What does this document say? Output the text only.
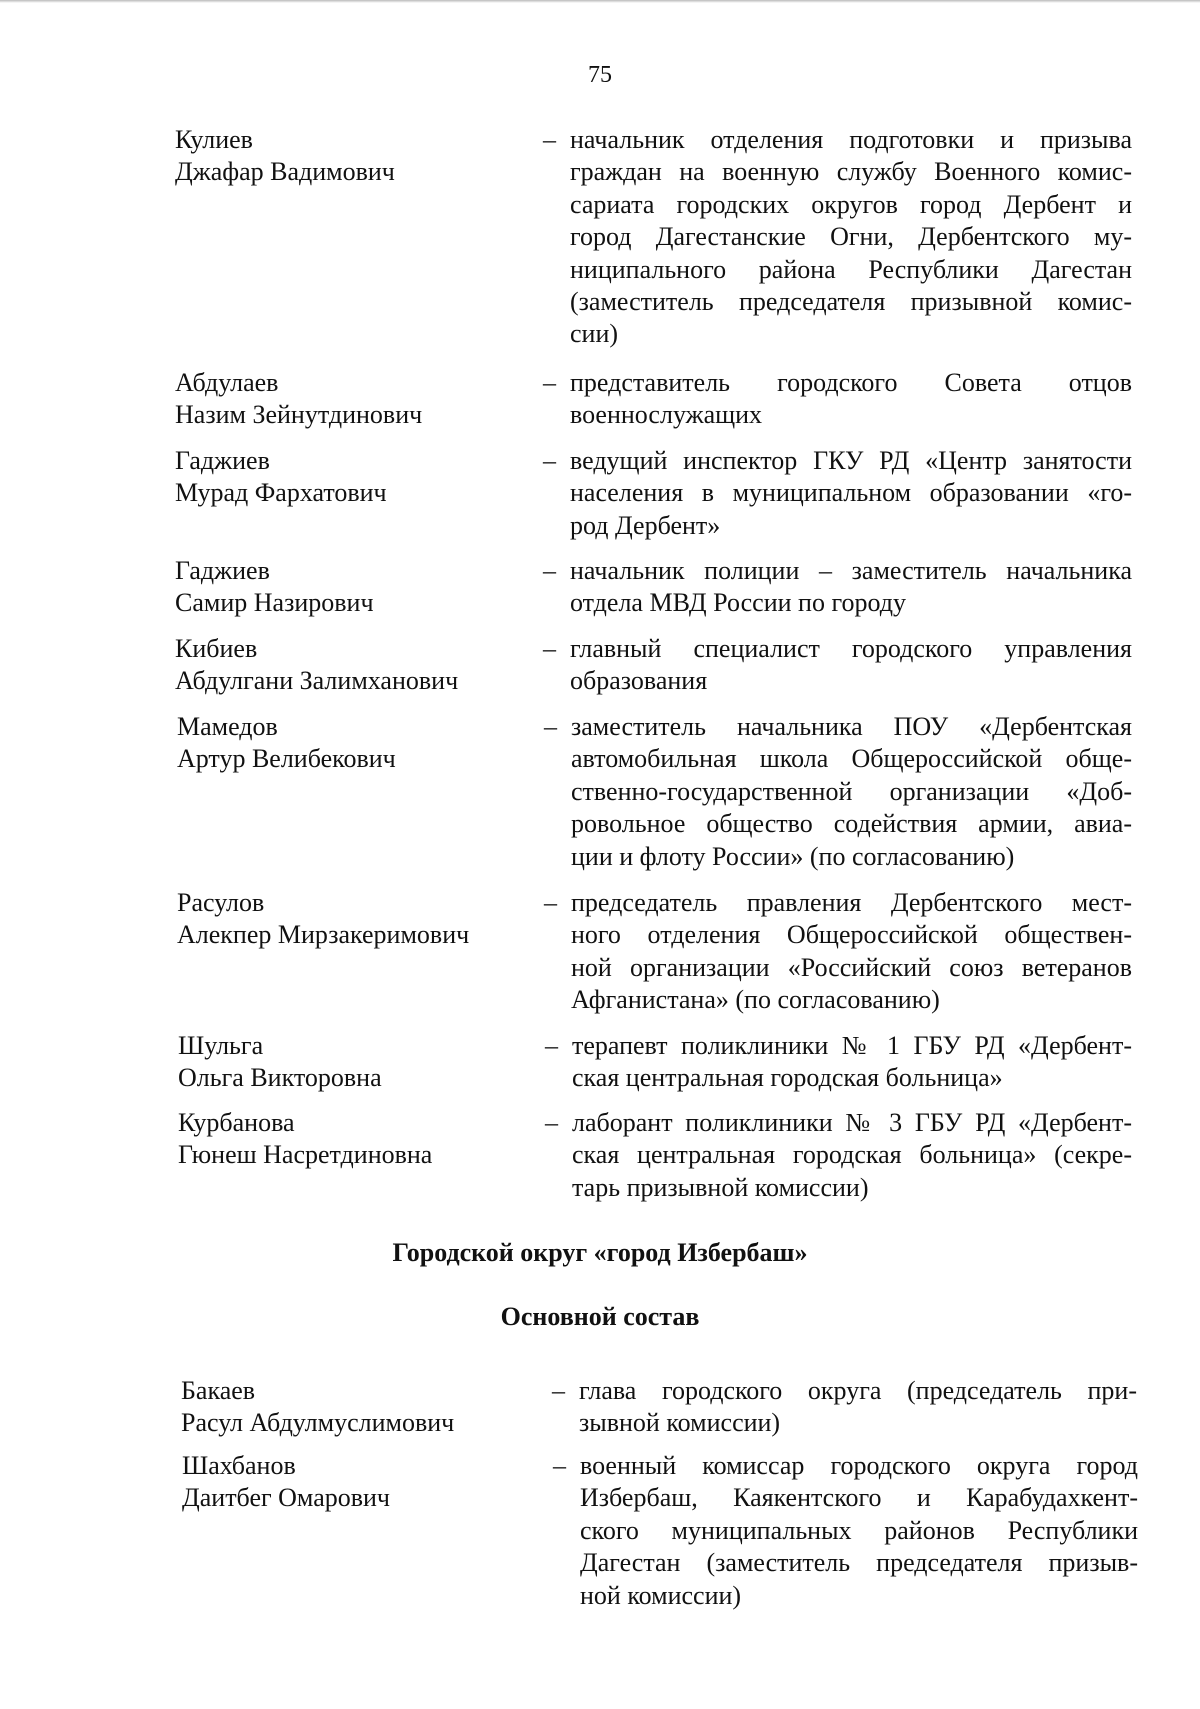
75
Кулиев
Джафар Вадимович
– начальник отделения подготовки и призыва
граждан на военную службу Военного комис-
сариата городских округов город Дербент и
город Дагестанские Огни, Дербентского му-
ниципального района Республики Дагестан
(заместитель председателя призывной комис-
сии)
Абдулаев
Назим Зейнутдинович
– представитель городского Совета отцов
военнослужащих
Гаджиев
Мурад Фархатович
– ведущий инспектор ГКУ РД «Центр занятости
населения в муниципальном образовании «го-
род Дербент»
Гаджиев
Самир Назирович
– начальник полиции – заместитель начальника
отдела МВД России по городу
Кибиев
Абдулгани Залимханович
– главный специалист городского управления
образования
Мамедов
Артур Велибекович
– заместитель начальника ПОУ «Дербентская
автомобильная школа Общероссийской обще-
ственно-государственной организации «Доб-
ровольное общество содействия армии, авиа-
ции и флоту России» (по согласованию)
Расулов
Алекпер Мирзакеримович
– председатель правления Дербентского мест-
ного отделения Общероссийской обществен-
ной организации «Российский союз ветеранов
Афганистана» (по согласованию)
Шульга
Ольга Викторовна
– терапевт поликлиники № 1 ГБУ РД «Дербент-
ская центральная городская больница»
Курбанова
Гюнеш Насретдиновна
– лаборант поликлиники № 3 ГБУ РД «Дербент-
ская центральная городская больница» (секре-
тарь призывной комиссии)
Бакаев
Расул Абдулмуслимович
– глава городского округа (председатель при-
зывной комиссии)
Шахбанов
Даитбег Омарович
– военный комиссар городского округа город
Избербаш, Каякентского и Карабудахкент-
ского муниципальных районов Республики
Дагестан (заместитель председателя призыв-
ной комиссии)
Городской округ «город Избербаш»
Основной состав
